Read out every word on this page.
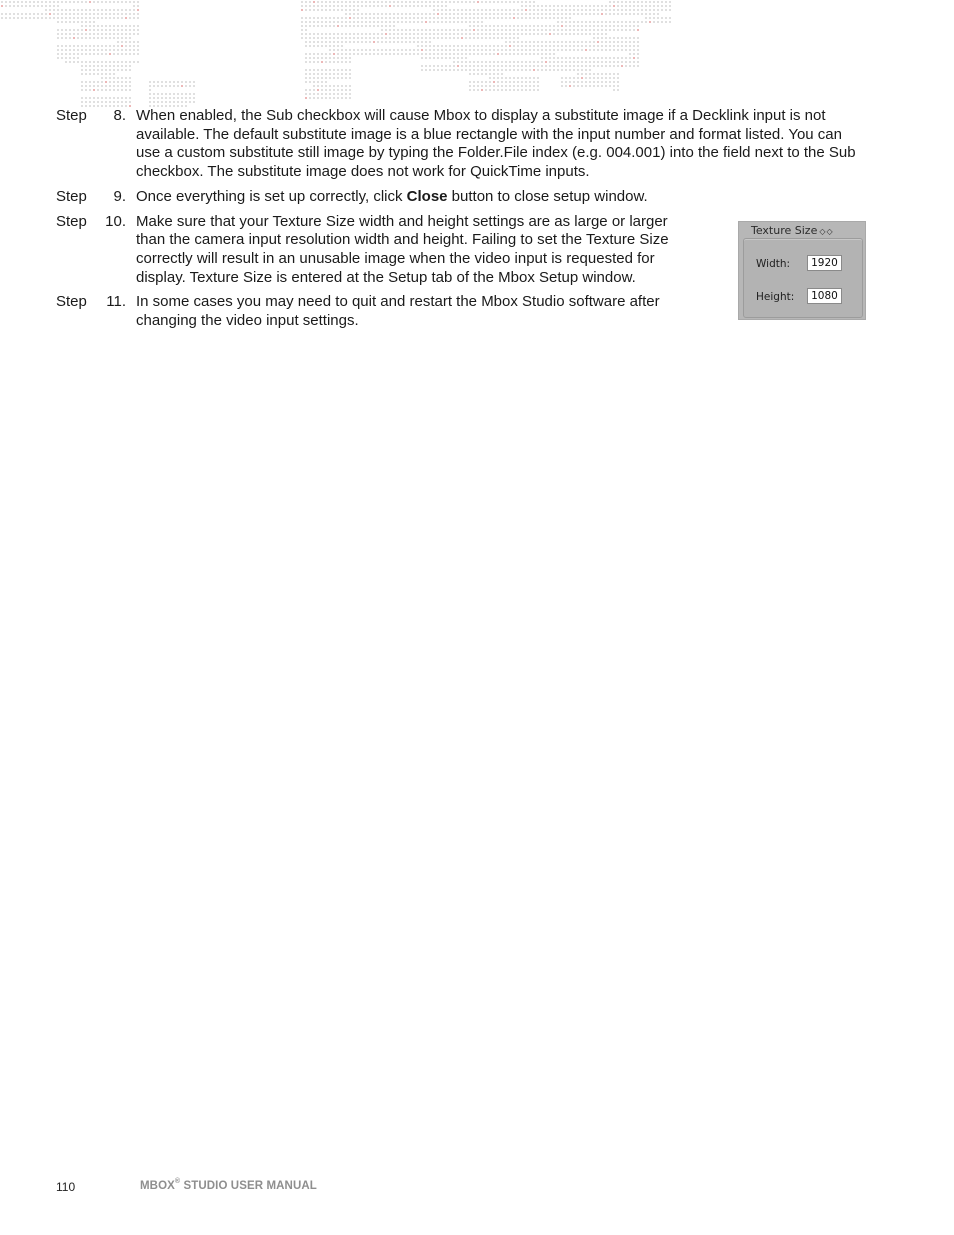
Step	8. When enabled, the Sub checkbox will cause Mbox to display a substitute image if a Decklink input is not available. The default substitute image is a blue rectangle with the input number and format listed. You can use a custom substitute still image by typing the Folder.File index (e.g. 004.001) into the field next to the Sub checkbox. The substitute image does not work for QuickTime inputs.
Step	9. Once everything is set up correctly, click Close button to close setup window.
Step	10. Make sure that your Texture Size width and height settings are as large or larger than the camera input resolution width and height. Failing to set the Texture Size correctly will result in an unusable image when the video input is requested for display. Texture Size is entered at the Setup tab of the Mbox Setup window.
Step	11. In some cases you may need to quit and restart the Mbox Studio software after changing the video input settings.
Texture Size ◇◇
Width:	1920
Height:	1080
110	MBOX® STUDIO USER MANUAL
